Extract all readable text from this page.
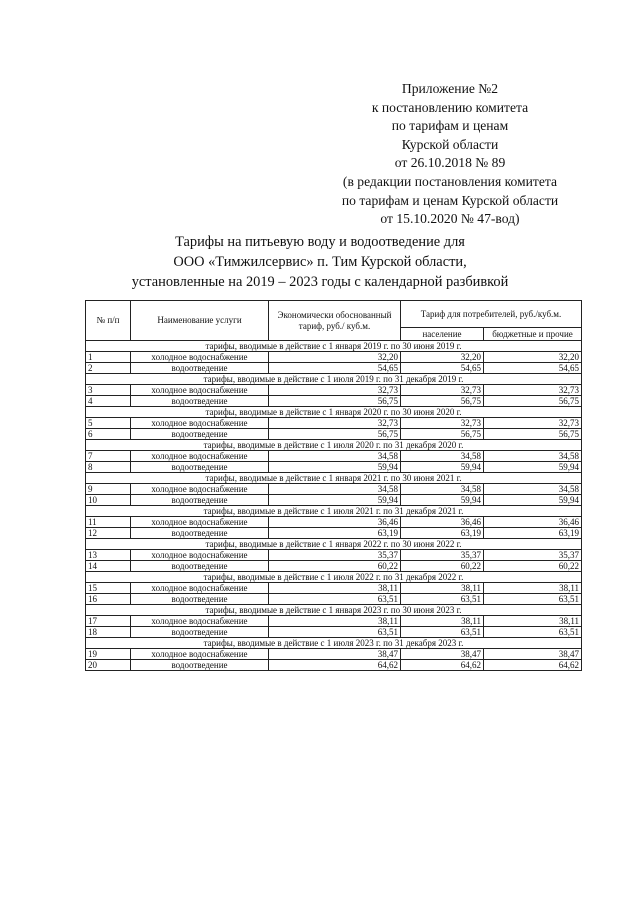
Приложение №2
к постановлению комитета
по тарифам и ценам
Курской области
от 26.10.2018 № 89
(в редакции постановления комитета
по тарифам и ценам Курской области
от 15.10.2020 № 47-вод)
Тарифы на питьевую воду и водоотведение для
ООО «Тимжилсервис» п. Тим Курской области,
установленные на 2019 – 2023 годы с календарной разбивкой
№ п/п	Наименование услуги	Экономически обоснованный тариф, руб./ куб.м.	Тариф для потребителей, руб./куб.м.	
			население	бюджетные и прочие
тарифы, вводимые в действие с 1 января 2019 г. по 30 июня 2019 г.				
1	холодное водоснабжение	32,20	32,20	32,20
2	водоотведение	54,65	54,65	54,65
тарифы, вводимые в действие с 1 июля 2019 г. по 31 декабря 2019 г.				
3	холодное водоснабжение	32,73	32,73	32,73
4	водоотведение	56,75	56,75	56,75
тарифы, вводимые в действие с 1 января 2020 г. по 30 июня 2020 г.				
5	холодное водоснабжение	32,73	32,73	32,73
6	водоотведение	56,75	56,75	56,75
тарифы, вводимые в действие с 1 июля 2020 г. по 31 декабря 2020 г.				
7	холодное водоснабжение	34,58	34,58	34,58
8	водоотведение	59,94	59,94	59,94
тарифы, вводимые в действие с 1 января 2021 г. по 30 июня 2021 г.				
9	холодное водоснабжение	34,58	34,58	34,58
10	водоотведение	59,94	59,94	59,94
тарифы, вводимые в действие с 1 июля 2021 г. по 31 декабря 2021 г.				
11	холодное водоснабжение	36,46	36,46	36,46
12	водоотведение	63,19	63,19	63,19
тарифы, вводимые в действие с 1 января 2022 г. по 30 июня 2022 г.				
13	холодное водоснабжение	35,37	35,37	35,37
14	водоотведение	60,22	60,22	60,22
тарифы, вводимые в действие с 1 июля 2022 г. по 31 декабря 2022 г.				
15	холодное водоснабжение	38,11	38,11	38,11
16	водоотведение	63,51	63,51	63,51
тарифы, вводимые в действие с 1 января 2023 г. по 30 июня 2023 г.				
17	холодное водоснабжение	38,11	38,11	38,11
18	водоотведение	63,51	63,51	63,51
тарифы, вводимые в действие с 1 июля 2023 г. по 31 декабря 2023 г.				
19	холодное водоснабжение	38,47	38,47	38,47
20	водоотведение	64,62	64,62	64,62
